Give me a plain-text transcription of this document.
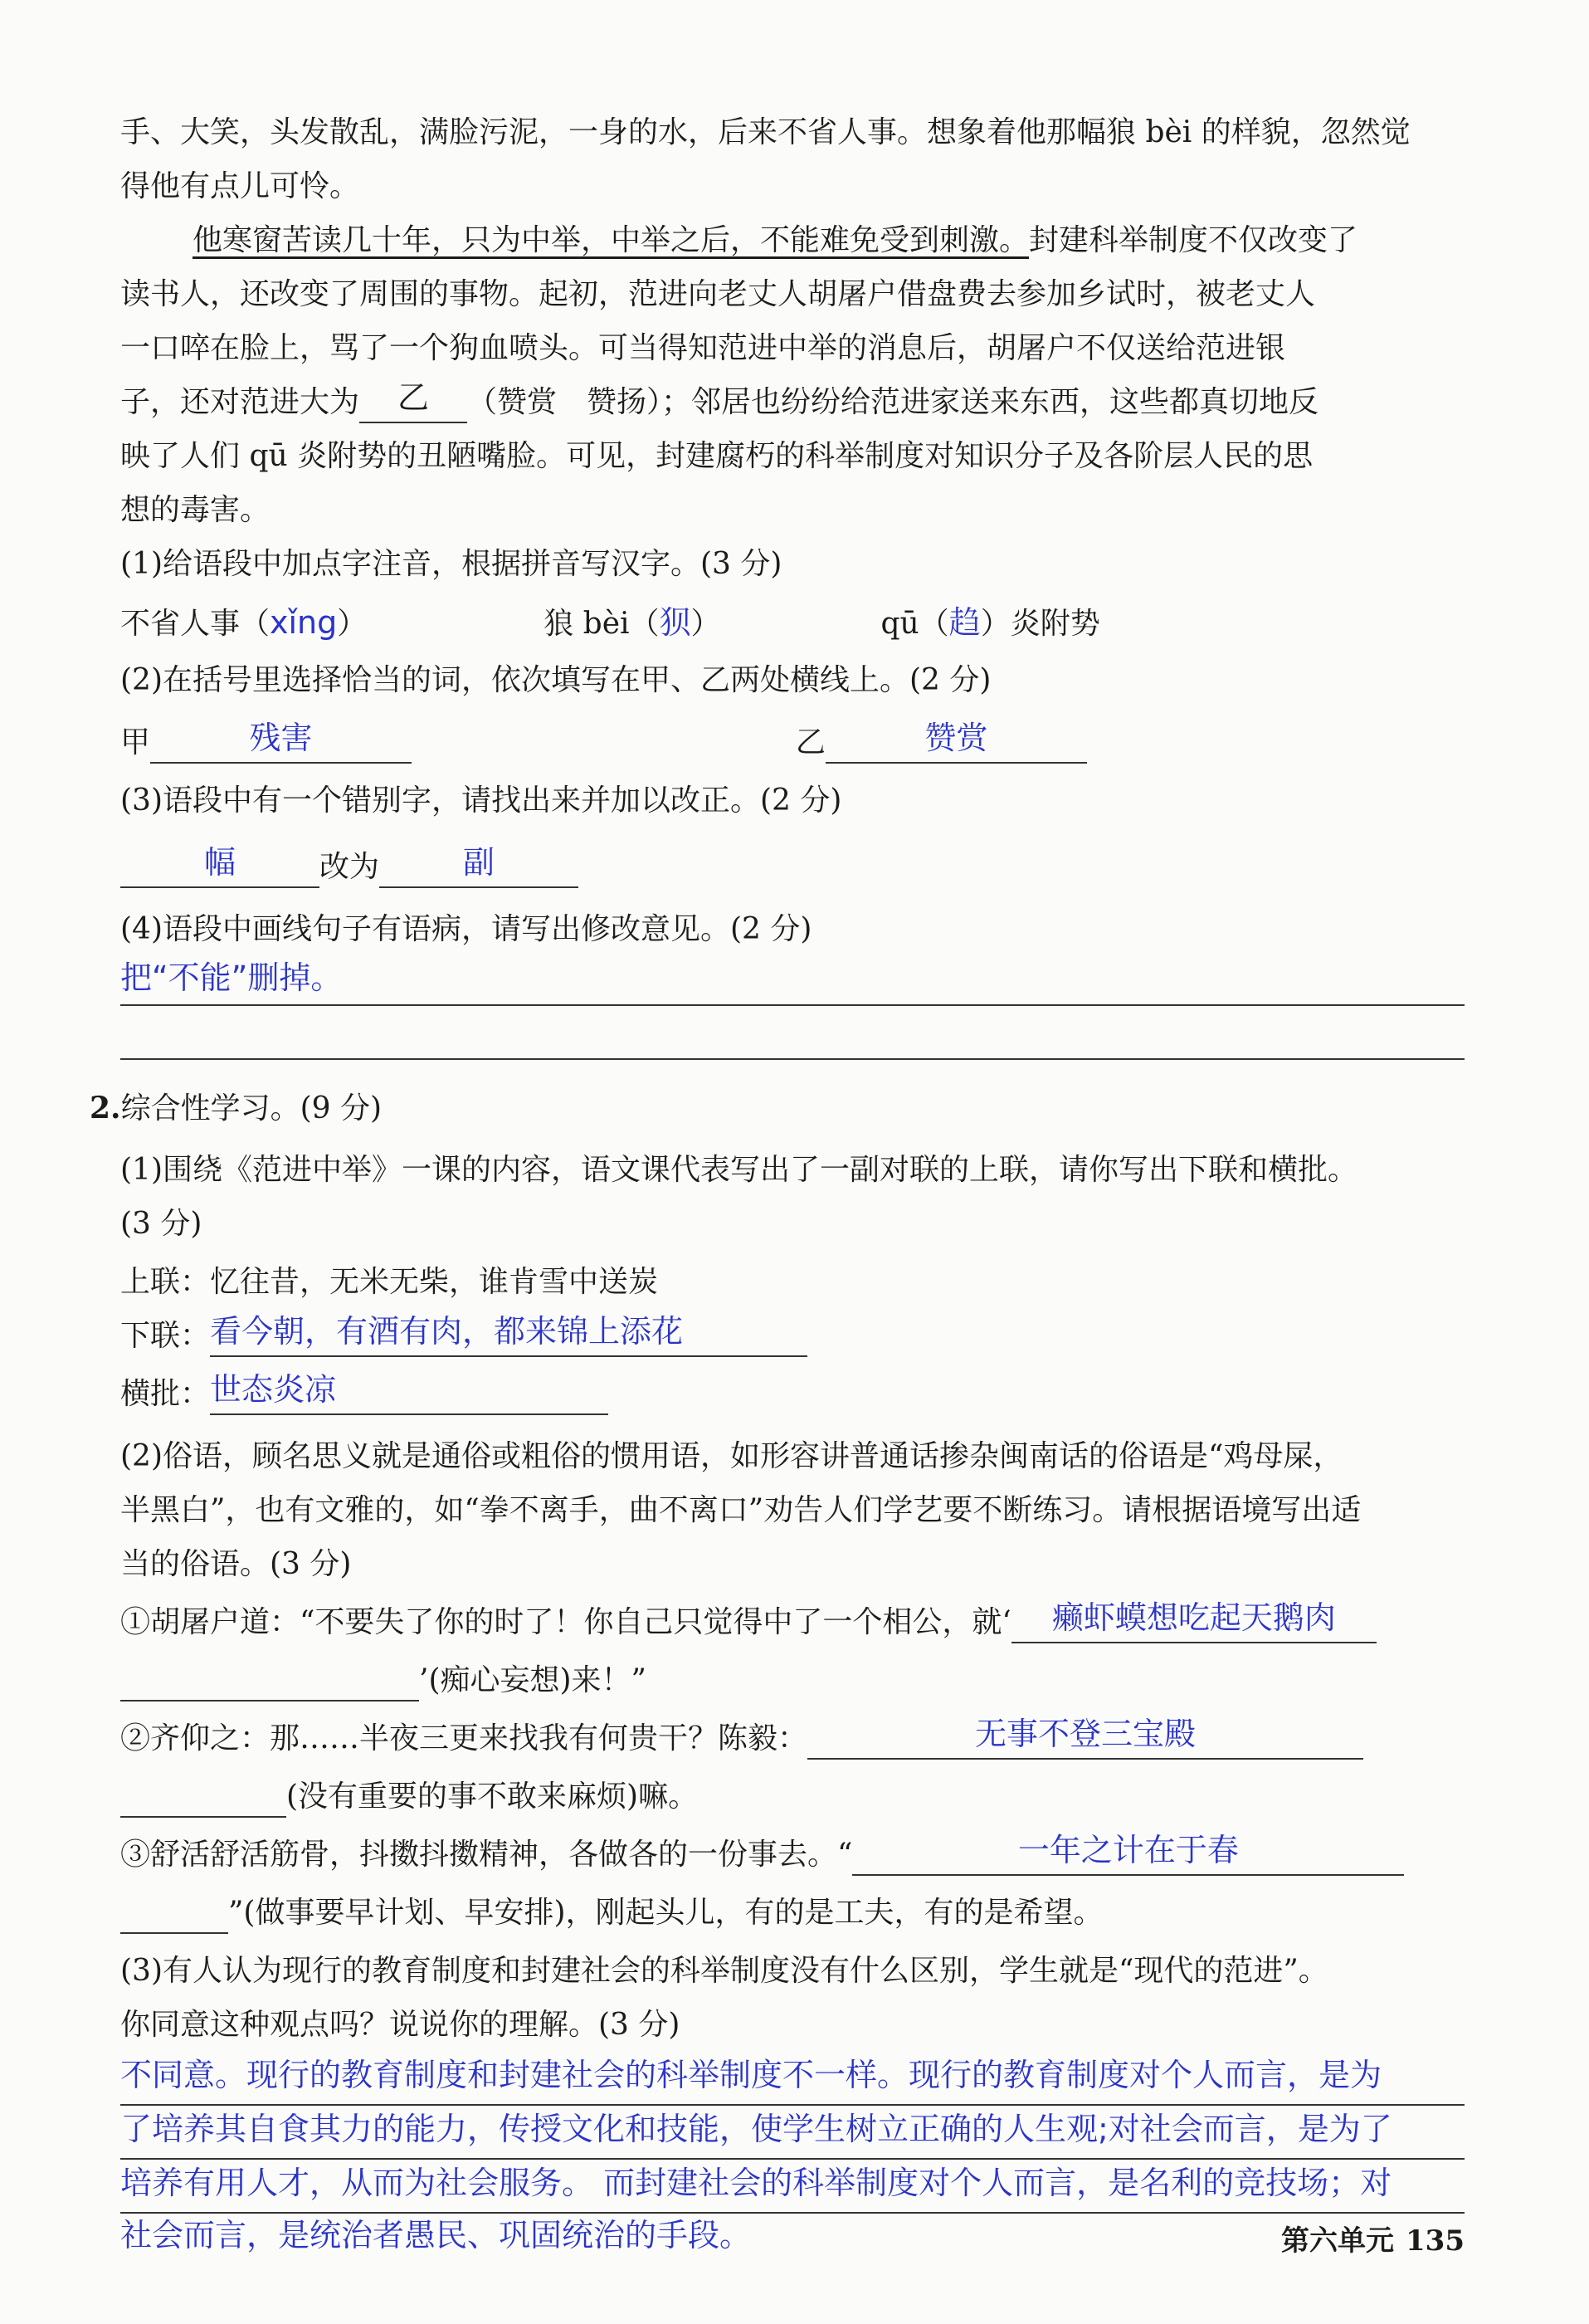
手、大笑，头发散乱，满脸污泥，一身的水，后来不省人事。想象着他那幅狼 bèi 的样貌，忽然觉
得他有点儿可怜。
他寒窗苦读几十年，只为中举，中举之后，不能难免受到刺激。封建科举制度不仅改变了
读书人，还改变了周围的事物。起初，范进向老丈人胡屠户借盘费去参加乡试时，被老丈人
一口啐在脸上，骂了一个狗血喷头。可当得知范进中举的消息后，胡屠户不仅送给范进银
子，还对范进大为	乙	（赞赏　赞扬）；邻居也纷纷给范进家送来东西，这些都真切地反
映了人们 qū 炎附势的丑陋嘴脸。可见，封建腐朽的科举制度对知识分子及各阶层人民的思
想的毒害。
(1)给语段中加点字注音，根据拼音写汉字。(3 分)
不省人事（xǐng）	狼 bèi（狈）	qū（趋）炎附势
(2)在括号里选择恰当的词，依次填写在甲、乙两处横线上。(2 分)
甲	残害	乙	赞赏
(3)语段中有一个错别字，请找出来并加以改正。(2 分)
幅	改为	副
(4)语段中画线句子有语病，请写出修改意见。(2 分)
把“不能”删掉。
2.综合性学习。(9 分)
(1)围绕《范进中举》一课的内容，语文课代表写出了一副对联的上联，请你写出下联和横批。
(3 分)
上联：忆往昔，无米无柴，谁肯雪中送炭
下联： 看今朝，有酒有肉，都来锦上添花
横批： 世态炎凉
(2)俗语，顾名思义就是通俗或粗俗的惯用语，如形容讲普通话掺杂闽南话的俗语是“鸡母屎，
半黑白”，也有文雅的，如“拳不离手，曲不离口”劝告人们学艺要不断练习。请根据语境写出适
当的俗语。(3 分)
①胡屠户道：“不要失了你的时了！你自己只觉得中了一个相公，就‘	癞虾蟆想吃起天鹅肉
’(痴心妄想)来！”
②齐仰之：那……半夜三更来找我有何贵干？陈毅：	无事不登三宝殿
(没有重要的事不敢来麻烦)嘛。
③舒活舒活筋骨，抖擞抖擞精神，各做各的一份事去。“	一年之计在于春
”(做事要早计划、早安排)，刚起头儿，有的是工夫，有的是希望。
(3)有人认为现行的教育制度和封建社会的科举制度没有什么区别，学生就是“现代的范进”。
你同意这种观点吗？说说你的理解。(3 分)
不同意。现行的教育制度和封建社会的科举制度不一样。现行的教育制度对个人而言，是为
了培养其自食其力的能力，传授文化和技能，使学生树立正确的人生观;对社会而言，是为了
培养有用人才，从而为社会服务。 而封建社会的科举制度对个人而言，是名利的竞技场；对
社会而言，是统治者愚民、巩固统治的手段。	第六单元 135
